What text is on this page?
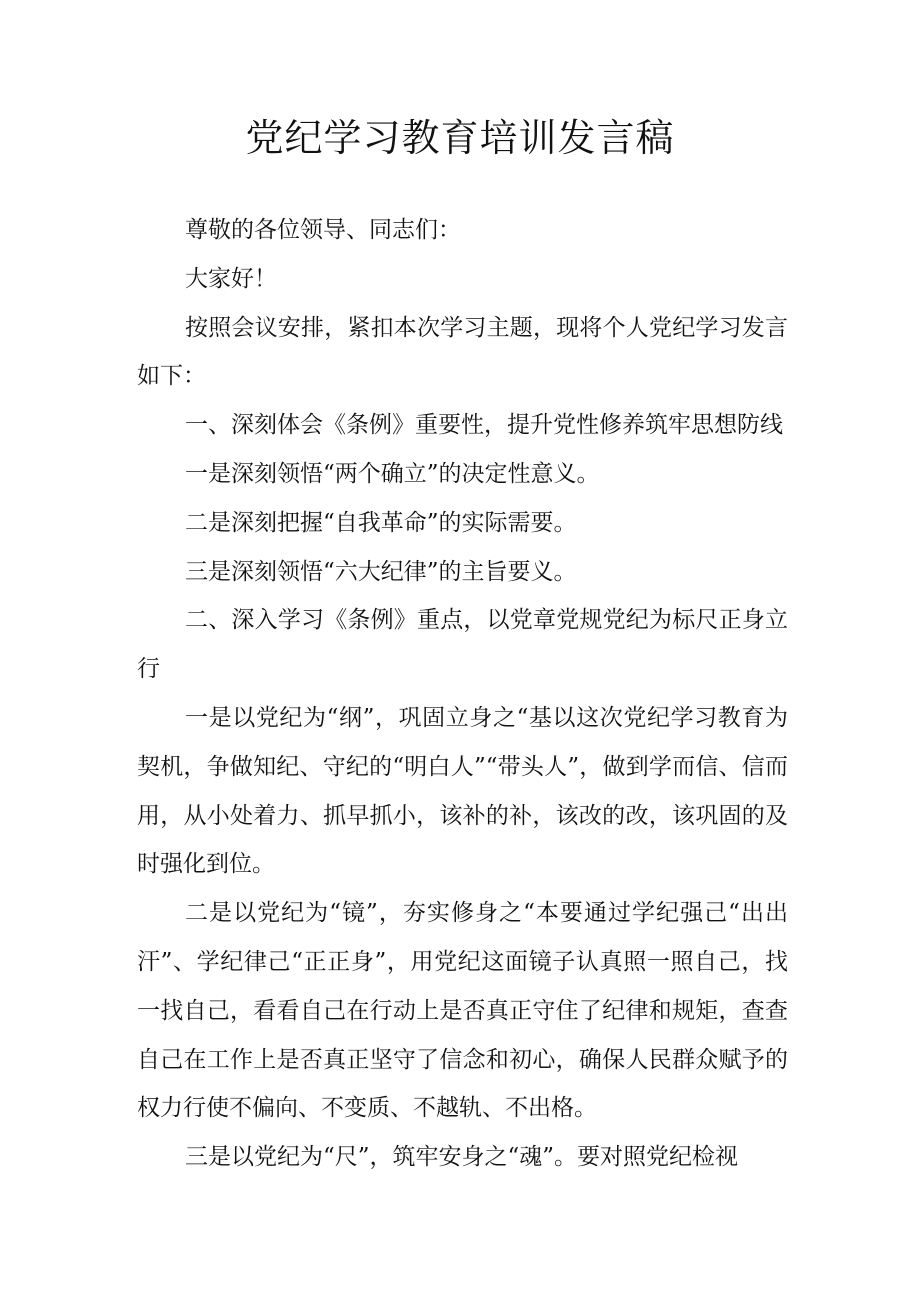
党纪学习教育培训发言稿

尊敬的各位领导、同志们：

大家好！

按照会议安排，紧扣本次学习主题，现将个人党纪学习发言如下：

一、深刻体会《条例》重要性，提升党性修养筑牢思想防线

一是深刻领悟“两个确立”的决定性意义。

二是深刻把握“自我革命”的实际需要。

三是深刻领悟“六大纪律”的主旨要义。

二、深入学习《条例》重点，以党章党规党纪为标尺正身立行

一是以党纪为“纲”，巩固立身之“基以这次党纪学习教育为契机，争做知纪、守纪的“明白人”“带头人”，做到学而信、信而用，从小处着力、抓早抓小，该补的补，该改的改，该巩固的及时强化到位。

二是以党纪为“镜”，夯实修身之“本要通过学纪强己“出出汗”、学纪律己“正正身”，用党纪这面镜子认真照一照自己，找一找自己，看看自己在行动上是否真正守住了纪律和规矩，查查自己在工作上是否真正坚守了信念和初心，确保人民群众赋予的权力行使不偏向、不变质、不越轨、不出格。

三是以党纪为“尺”，筑牢安身之“魂”。要对照党纪检视
